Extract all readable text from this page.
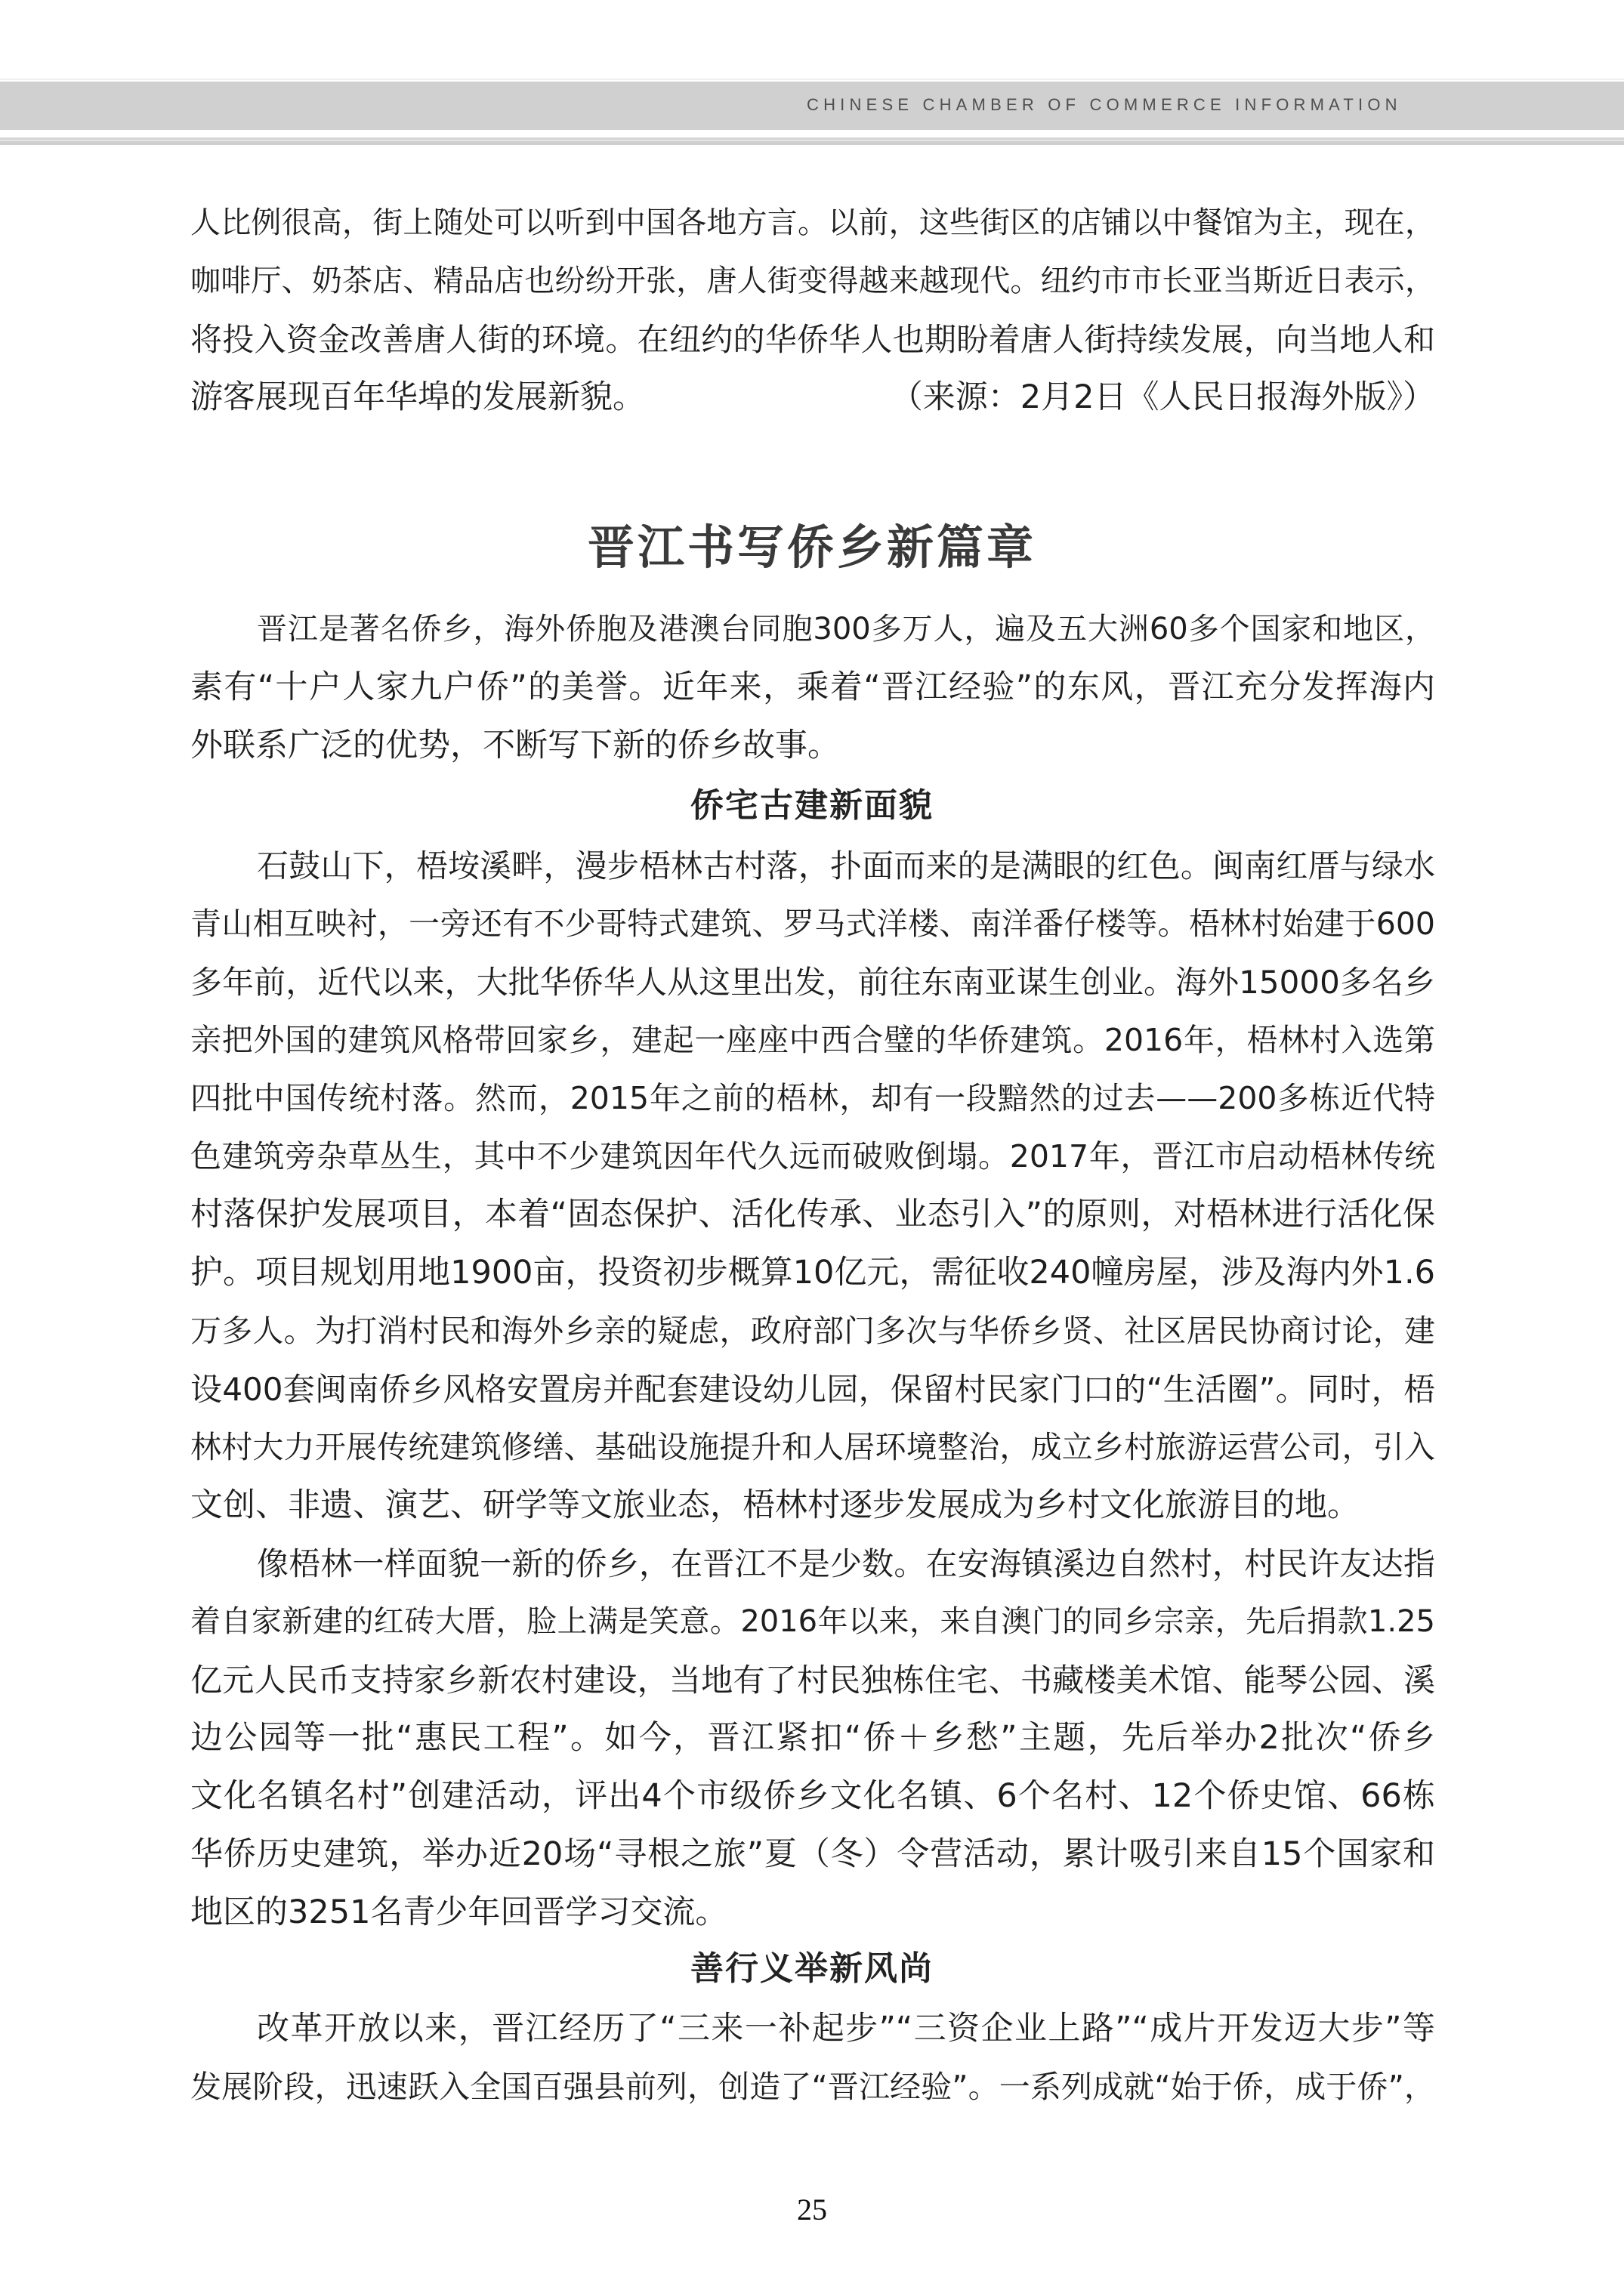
CHINESE CHAMBER OF COMMERCE INFORMATION
人比例很高，街上随处可以听到中国各地方言。以前，这些街区的店铺以中餐馆为主，现在，
咖啡厅、奶茶店、精品店也纷纷开张，唐人街变得越来越现代。纽约市市长亚当斯近日表示，
将投入资金改善唐人街的环境。在纽约的华侨华人也期盼着唐人街持续发展，向当地人和
游客展现百年华埠的发展新貌。	（来源：2月2日《人民日报海外版》）
晋江书写侨乡新篇章
晋江是著名侨乡，海外侨胞及港澳台同胞300多万人，遍及五大洲60多个国家和地区，
素有“十户人家九户侨”的美誉。近年来，乘着“晋江经验”的东风，晋江充分发挥海内
外联系广泛的优势，不断写下新的侨乡故事。
侨宅古建新面貌
石鼓山下，梧垵溪畔，漫步梧林古村落，扑面而来的是满眼的红色。闽南红厝与绿水
青山相互映衬，一旁还有不少哥特式建筑、罗马式洋楼、南洋番仔楼等。梧林村始建于600
多年前，近代以来，大批华侨华人从这里出发，前往东南亚谋生创业。海外15000多名乡
亲把外国的建筑风格带回家乡，建起一座座中西合璧的华侨建筑。2016年，梧林村入选第
四批中国传统村落。然而，2015年之前的梧林，却有一段黯然的过去——200多栋近代特
色建筑旁杂草丛生，其中不少建筑因年代久远而破败倒塌。2017年，晋江市启动梧林传统
村落保护发展项目，本着“固态保护、活化传承、业态引入”的原则，对梧林进行活化保
护。项目规划用地1900亩，投资初步概算10亿元，需征收240幢房屋，涉及海内外1.6
万多人。为打消村民和海外乡亲的疑虑，政府部门多次与华侨乡贤、社区居民协商讨论，建
设400套闽南侨乡风格安置房并配套建设幼儿园，保留村民家门口的“生活圈”。同时，梧
林村大力开展传统建筑修缮、基础设施提升和人居环境整治，成立乡村旅游运营公司，引入
文创、非遗、演艺、研学等文旅业态，梧林村逐步发展成为乡村文化旅游目的地。
像梧林一样面貌一新的侨乡，在晋江不是少数。在安海镇溪边自然村，村民许友达指
着自家新建的红砖大厝，脸上满是笑意。2016年以来，来自澳门的同乡宗亲，先后捐款1.25
亿元人民币支持家乡新农村建设，当地有了村民独栋住宅、书藏楼美术馆、能琴公园、溪
边公园等一批“惠民工程”。如今，晋江紧扣“侨＋乡愁”主题，先后举办2批次“侨乡
文化名镇名村”创建活动，评出4个市级侨乡文化名镇、6个名村、12个侨史馆、66栋
华侨历史建筑，举办近20场“寻根之旅”夏（冬）令营活动，累计吸引来自15个国家和
地区的3251名青少年回晋学习交流。
善行义举新风尚
改革开放以来，晋江经历了“三来一补起步”“三资企业上路”“成片开发迈大步”等
发展阶段，迅速跃入全国百强县前列，创造了“晋江经验”。一系列成就“始于侨，成于侨”，
25
